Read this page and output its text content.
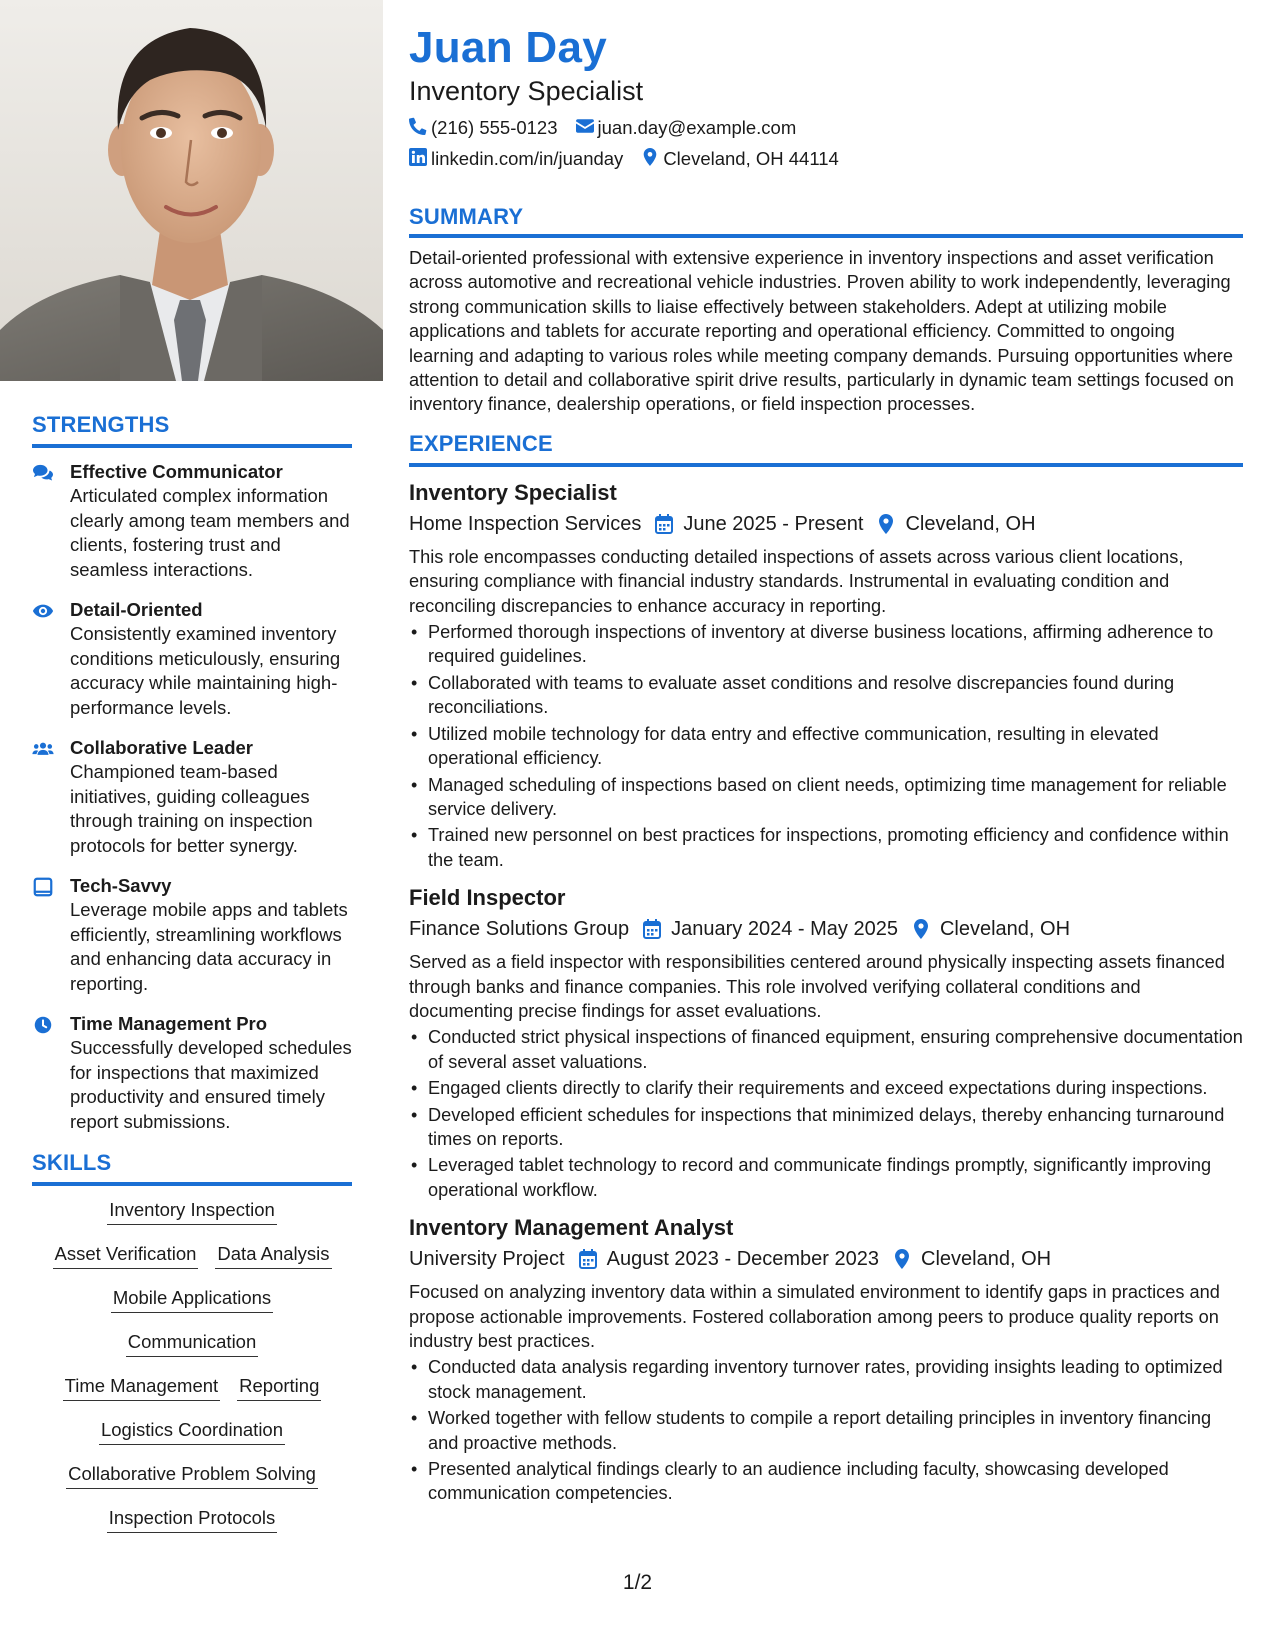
STRENGTHS
Effective Communicator
Articulated complex information clearly among team members and clients, fostering trust and seamless interactions.
Detail-Oriented
Consistently examined inventory conditions meticulously, ensuring accuracy while maintaining high-performance levels.
Collaborative Leader
Championed team-based initiatives, guiding colleagues through training on inspection protocols for better synergy.
Tech-Savvy
Leverage mobile apps and tablets efficiently, streamlining workflows and enhancing data accuracy in reporting.
Time Management Pro
Successfully developed schedules for inspections that maximized productivity and ensured timely report submissions.
SKILLS
Inventory Inspection
Asset Verification Data Analysis
Mobile Applications
Communication
Time Management Reporting
Logistics Coordination
Collaborative Problem Solving
Inspection Protocols
Juan Day
Inventory Specialist
(216) 555-0123 juan.day@example.com
linkedin.com/in/juanday Cleveland, OH 44114
SUMMARY
Detail-oriented professional with extensive experience in inventory inspections and asset verification across automotive and recreational vehicle industries. Proven ability to work independently, leveraging strong communication skills to liaise effectively between stakeholders. Adept at utilizing mobile applications and tablets for accurate reporting and operational efficiency. Committed to ongoing learning and adapting to various roles while meeting company demands. Pursuing opportunities where attention to detail and collaborative spirit drive results, particularly in dynamic team settings focused on inventory finance, dealership operations, or field inspection processes.
EXPERIENCE
Inventory Specialist
Home Inspection Services June 2025 - Present Cleveland, OH
This role encompasses conducting detailed inspections of assets across various client locations, ensuring compliance with financial industry standards. Instrumental in evaluating condition and reconciling discrepancies to enhance accuracy in reporting.
• Performed thorough inspections of inventory at diverse business locations, affirming adherence to required guidelines.
• Collaborated with teams to evaluate asset conditions and resolve discrepancies found during reconciliations.
• Utilized mobile technology for data entry and effective communication, resulting in elevated operational efficiency.
• Managed scheduling of inspections based on client needs, optimizing time management for reliable service delivery.
• Trained new personnel on best practices for inspections, promoting efficiency and confidence within the team.
Field Inspector
Finance Solutions Group January 2024 - May 2025 Cleveland, OH
Served as a field inspector with responsibilities centered around physically inspecting assets financed through banks and finance companies. This role involved verifying collateral conditions and documenting precise findings for asset evaluations.
• Conducted strict physical inspections of financed equipment, ensuring comprehensive documentation of several asset valuations.
• Engaged clients directly to clarify their requirements and exceed expectations during inspections.
• Developed efficient schedules for inspections that minimized delays, thereby enhancing turnaround times on reports.
• Leveraged tablet technology to record and communicate findings promptly, significantly improving operational workflow.
Inventory Management Analyst
University Project August 2023 - December 2023 Cleveland, OH
Focused on analyzing inventory data within a simulated environment to identify gaps in practices and propose actionable improvements. Fostered collaboration among peers to produce quality reports on industry best practices.
• Conducted data analysis regarding inventory turnover rates, providing insights leading to optimized stock management.
• Worked together with fellow students to compile a report detailing principles in inventory financing and proactive methods.
• Presented analytical findings clearly to an audience including faculty, showcasing developed communication competencies.
1/2
